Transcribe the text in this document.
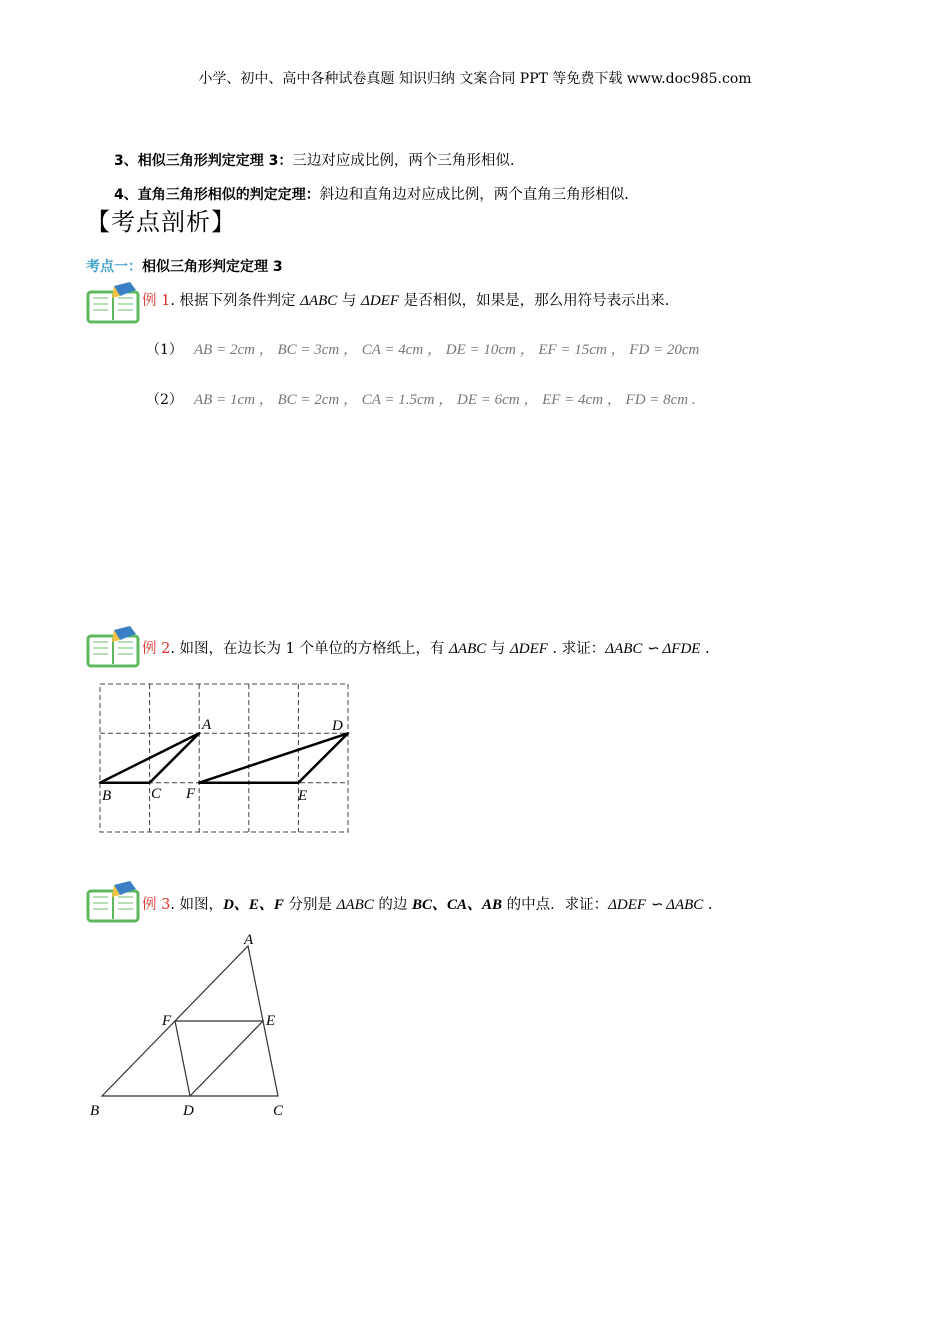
小学、初中、高中各种试卷真题 知识归纳 文案合同 PPT 等免费下载 www.doc985.com
3、相似三角形判定定理 3：三边对应成比例，两个三角形相似.
4、直角三角形相似的判定定理：斜边和直角边对应成比例，两个直角三角形相似.
【考点剖析】
考点一：相似三角形判定定理 3
例 1. 根据下列条件判定 ΔABC 与 ΔDEF 是否相似，如果是，那么用符号表示出来.
（1） AB = 2cm ， BC = 3cm ， CA = 4cm ， DE = 10cm ， EF = 15cm ， FD = 20cm
（2） AB = 1cm ， BC = 2cm ， CA = 1.5cm ， DE = 6cm ， EF = 4cm ， FD = 8cm .
例 2. 如图，在边长为 1 个单位的方格纸上，有 ΔABC 与 ΔDEF . 求证：ΔABC ∽ ΔFDE .
A
B	C
D
E
F
例 3. 如图，D、E、F 分别是 ΔABC 的边 BC、CA、AB 的中点．求证：ΔDEF ∽ ΔABC .
A
B	C
D
E
F
